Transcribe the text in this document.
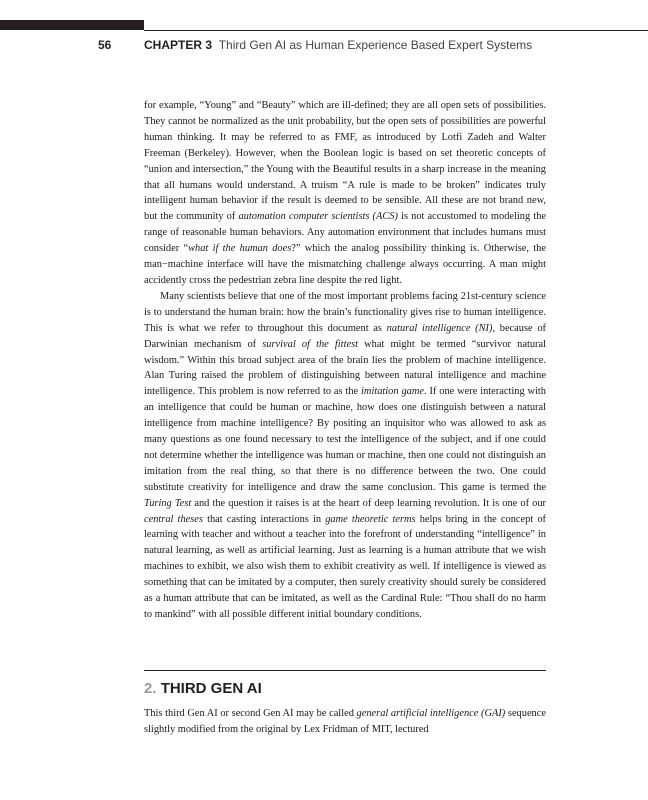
56	CHAPTER 3 Third Gen AI as Human Experience Based Expert Systems

for example, “Young” and “Beauty” which are ill-defined; they are all open sets of possibilities. They cannot be normalized as the unit probability, but the open sets of possibilities are powerful human thinking. It may be referred to as FMF, as introduced by Lotfi Zadeh and Walter Freeman (Berkeley). However, when the Boolean logic is based on set theoretic concepts of “union and intersection,” the Young with the Beautiful results in a sharp increase in the meaning that all humans would understand. A truism “A rule is made to be broken” indicates truly intelligent human behavior if the result is deemed to be sensible. All these are not brand new, but the community of automation computer scientists (ACS) is not accustomed to modeling the range of reasonable human behaviors. Any automation environment that includes humans must consider “what if the human does?” which the analog possibility thinking is. Otherwise, the man−machine interface will have the mismatching challenge always occurring. A man might accidently cross the pedestrian zebra line despite the red light.

Many scientists believe that one of the most important problems facing 21st-century science is to understand the human brain: how the brain’s functionality gives rise to human intelligence. This is what we refer to throughout this document as natural intelligence (NI), because of Darwinian mechanism of survival of the fittest what might be termed “survivor natural wisdom.” Within this broad subject area of the brain lies the problem of machine intelligence. Alan Turing raised the problem of distinguishing between natural intelligence and machine intelligence. This problem is now referred to as the imitation game. If one were interacting with an intelligence that could be human or machine, how does one distinguish between a natural intelligence from machine intelligence? By positing an inquisitor who was allowed to ask as many questions as one found necessary to test the intelligence of the subject, and if one could not determine whether the intelligence was human or machine, then one could not distinguish an imitation from the real thing, so that there is no difference between the two. One could substitute creativity for intelligence and draw the same conclusion. This game is termed the Turing Test and the question it raises is at the heart of deep learning revolution. It is one of our central theses that casting interactions in game theoretic terms helps bring in the concept of learning with teacher and without a teacher into the forefront of understanding “intelligence” in natural learning, as well as artificial learning. Just as learning is a human attribute that we wish machines to exhibit, we also wish them to exhibit creativity as well. If intelligence is viewed as something that can be imitated by a computer, then surely creativity should surely be considered as a human attribute that can be imitated, as well as the Cardinal Rule: “Thou shall do no harm to mankind” with all possible different initial boundary conditions.

2. THIRD GEN AI

This third Gen AI or second Gen AI may be called general artificial intelligence (GAI) sequence slightly modified from the original by Lex Fridman of MIT, lectured
